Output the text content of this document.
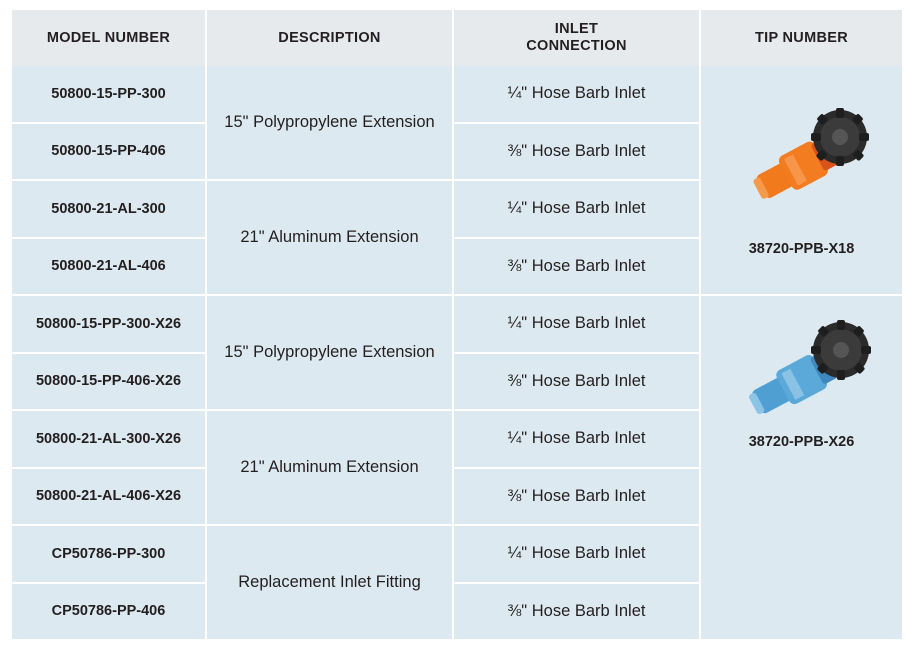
MODEL NUMBER	DESCRIPTION
INLET
CONNECTION
TIP NUMBER
50800-15-PP-300
50800-15-PP-406
50800-21-AL-300
50800-21-AL-406
50800-15-PP-300-X26
50800-15-PP-406-X26
50800-21-AL-300-X26
50800-21-AL-406-X26
CP50786-PP-300
CP50786-PP-406
15" Polypropylene Extension
21" Aluminum Extension
15" Polypropylene Extension
21" Aluminum Extension
Replacement Inlet Fitting
¼" Hose Barb Inlet
⅜" Hose Barb Inlet
¼" Hose Barb Inlet
⅜" Hose Barb Inlet
¼" Hose Barb Inlet
⅜" Hose Barb Inlet
¼" Hose Barb Inlet
⅜" Hose Barb Inlet
¼" Hose Barb Inlet
⅜" Hose Barb Inlet
38720-PPB-X18
38720-PPB-X26
